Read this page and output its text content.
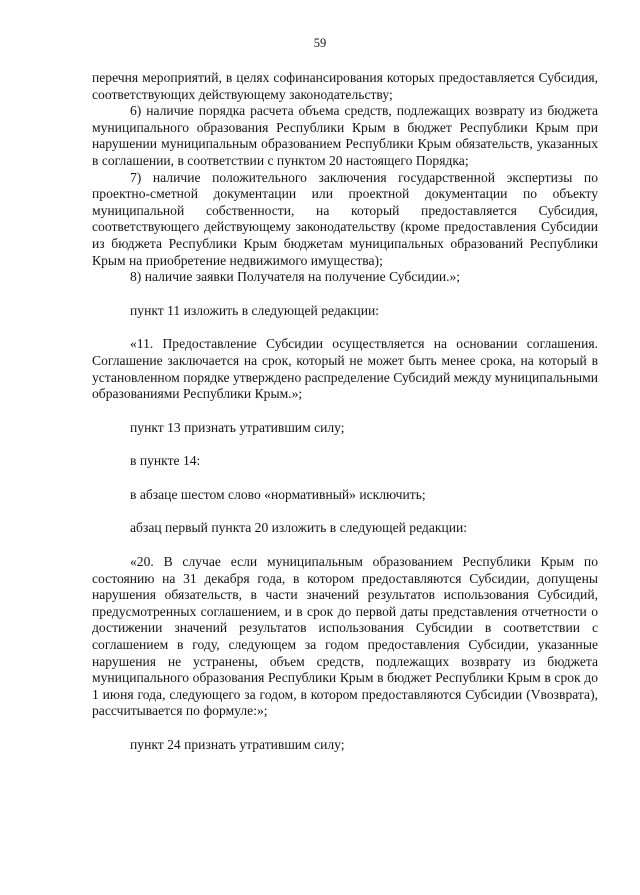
59

перечня мероприятий, в целях софинансирования которых предоставляется Субсидия, соответствующих действующему законодательству;

6) наличие порядка расчета объема средств, подлежащих возврату из бюджета муниципального образования Республики Крым в бюджет Республики Крым при нарушении муниципальным образованием Республики Крым обязательств, указанных в соглашении, в соответствии с пунктом 20 настоящего Порядка;

7) наличие положительного заключения государственной экспертизы по проектно-сметной документации или проектной документации по объекту муниципальной собственности, на который предоставляется Субсидия, соответствующего действующему законодательству (кроме предоставления Субсидии из бюджета Республики Крым бюджетам муниципальных образований Республики Крым на приобретение недвижимого имущества);

8) наличие заявки Получателя на получение Субсидии.»;

пункт 11 изложить в следующей редакции:

«11. Предоставление Субсидии осуществляется на основании соглашения. Соглашение заключается на срок, который не может быть менее срока, на который в установленном порядке утверждено распределение Субсидий между муниципальными образованиями Республики Крым.»;

пункт 13 признать утратившим силу;

в пункте 14:

в абзаце шестом слово «нормативный» исключить;

абзац первый пункта 20 изложить в следующей редакции:

«20. В случае если муниципальным образованием Республики Крым по состоянию на 31 декабря года, в котором предоставляются Субсидии, допущены нарушения обязательств, в части значений результатов использования Субсидий, предусмотренных соглашением, и в срок до первой даты представления отчетности о достижении значений результатов использования Субсидии в соответствии с соглашением в году, следующем за годом предоставления Субсидии, указанные нарушения не устранены, объем средств, подлежащих возврату из бюджета муниципального образования Республики Крым в бюджет Республики Крым в срок до 1 июня года, следующего за годом, в котором предоставляются Субсидии (Vвозврата), рассчитывается по формуле:»;

пункт 24 признать утратившим силу;
